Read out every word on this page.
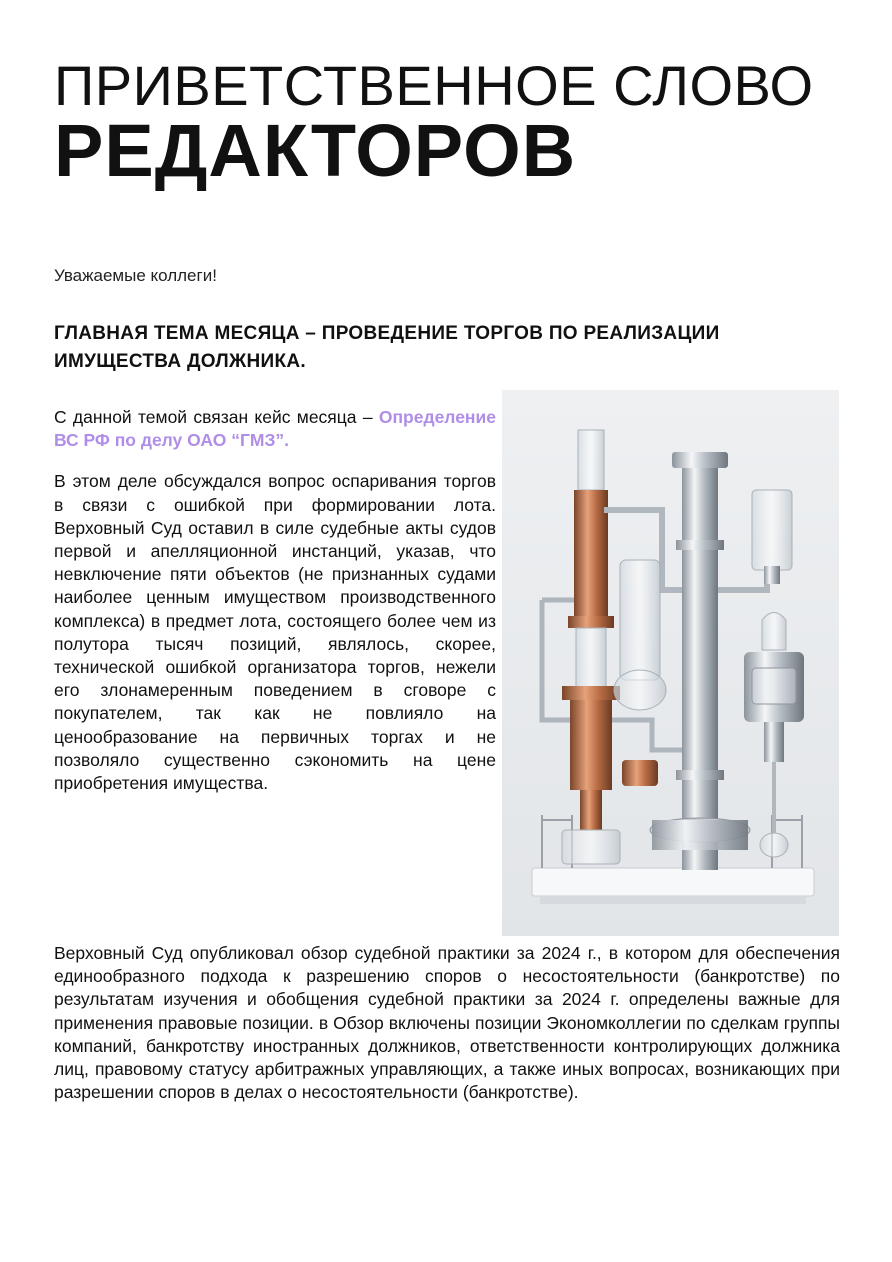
ПРИВЕТСТВЕННОЕ СЛОВО
РЕДАКТОРОВ
Уважаемые коллеги!
ГЛАВНАЯ ТЕМА МЕСЯЦА – ПРОВЕДЕНИЕ ТОРГОВ ПО РЕАЛИЗАЦИИ ИМУЩЕСТВА ДОЛЖНИКА.

С данной темой связан кейс месяца – Определение ВС РФ по делу ОАО “ГМЗ”.

В этом деле обсуждался вопрос оспаривания торгов в связи с ошибкой при формировании лота. Верховный Суд оставил в силе судебные акты судов первой и апелляционной инстанций, указав, что невключение пяти объектов (не признанных судами наиболее ценным имуществом производственного комплекса) в предмет лота, состоящего более чем из полутора тысяч позиций, являлось, скорее, технической ошибкой организатора торгов, нежели его злонамеренным поведением в сговоре с покупателем, так как не повлияло на ценообразование на первичных торгах и не позволяло существенно сэкономить на цене приобретения имущества.

Верховный Суд опубликовал обзор судебной практики за 2024 г., в котором для обеспечения единообразного подхода к разрешению споров о несостоятельности (банкротстве) по результатам изучения и обобщения судебной практики за 2024 г. определены важные для применения правовые позиции. в Обзор включены позиции Экономколлегии по сделкам группы компаний, банкротству иностранных должников, ответственности контролирующих должника лиц, правовому статусу арбитражных управляющих, а также иных вопросах, возникающих при разрешении споров в делах о несостоятельности (банкротстве).
